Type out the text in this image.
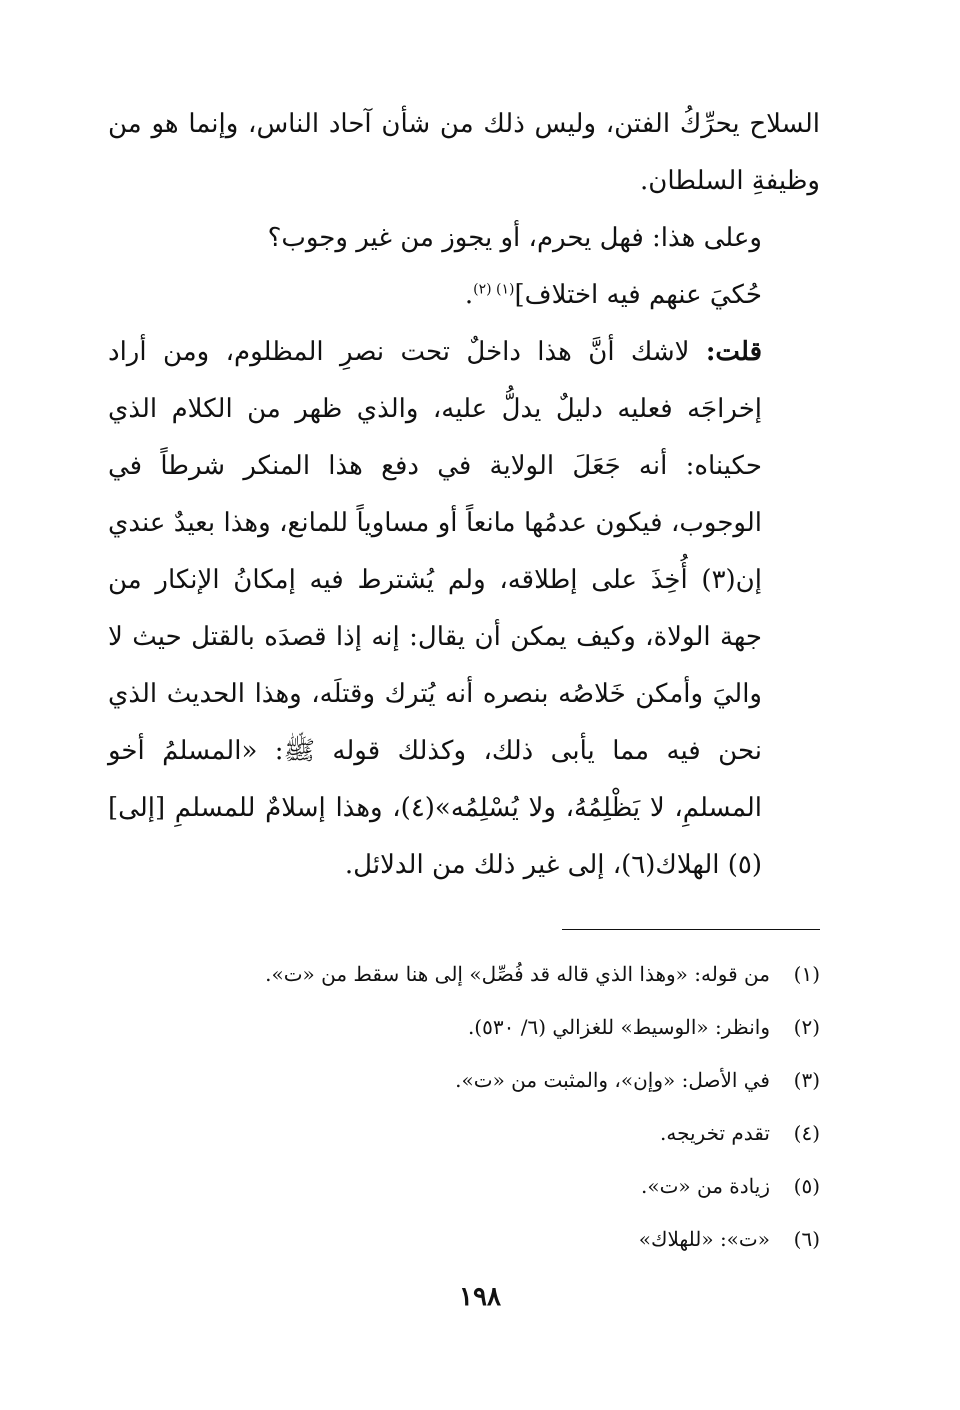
السلاح يحرِّكُ الفتن، وليس ذلك من شأن آحاد الناس، وإنما هو من وظيفةِ السلطان.

وعلى هذا: فهل يحرم، أو يجوز من غير وجوب؟

حُكيَ عنهم فيه اختلاف]$^{(١) (٢)}$.

قلت: لاشك أنَّ هذا داخلٌ تحت نصرِ المظلوم، ومن أراد إخراجَه فعليه دليلٌ يدلُّ عليه، والذي ظهر من الكلام الذي حكيناه: أنه جَعَلَ الولاية في دفع هذا المنكر شرطاً في الوجوب، فيكون عدمُها مانعاً أو مساوياً للمانع، وهذا بعيدٌ عندي إن(٣) أُخِذَ على إطلاقه، ولم يُشترط فيه إمكانُ الإنكار من جهة الولاة، وكيف يمكن أن يقال: إنه إذا قصدَه بالقتل حيث لا واليَ وأمكن خَلاصُه بنصره أنه يُترك وقتلَه، وهذا الحديث الذي نحن فيه مما يأبى ذلك، وكذلك قوله ﷺ: «المسلمُ أخو المسلمِ، لا يَظْلِمُهُ، ولا يُسْلِمُه»(٤)، وهذا إسلامٌ للمسلمِ [إلى](٥) الهلاك(٦)، إلى غير ذلك من الدلائل.

(١)من قوله: «وهذا الذي قاله قد فُصِّل» إلى هنا سقط من «ت».
(٢)وانظر: «الوسيط» للغزالي (٦/ ٥٣٠).
(٣)في الأصل: «وإن»، والمثبت من «ت».
(٤)تقدم تخريجه.
(٥)زيادة من «ت».
(٦)«ت»: «للهلاك»
١٩٨
